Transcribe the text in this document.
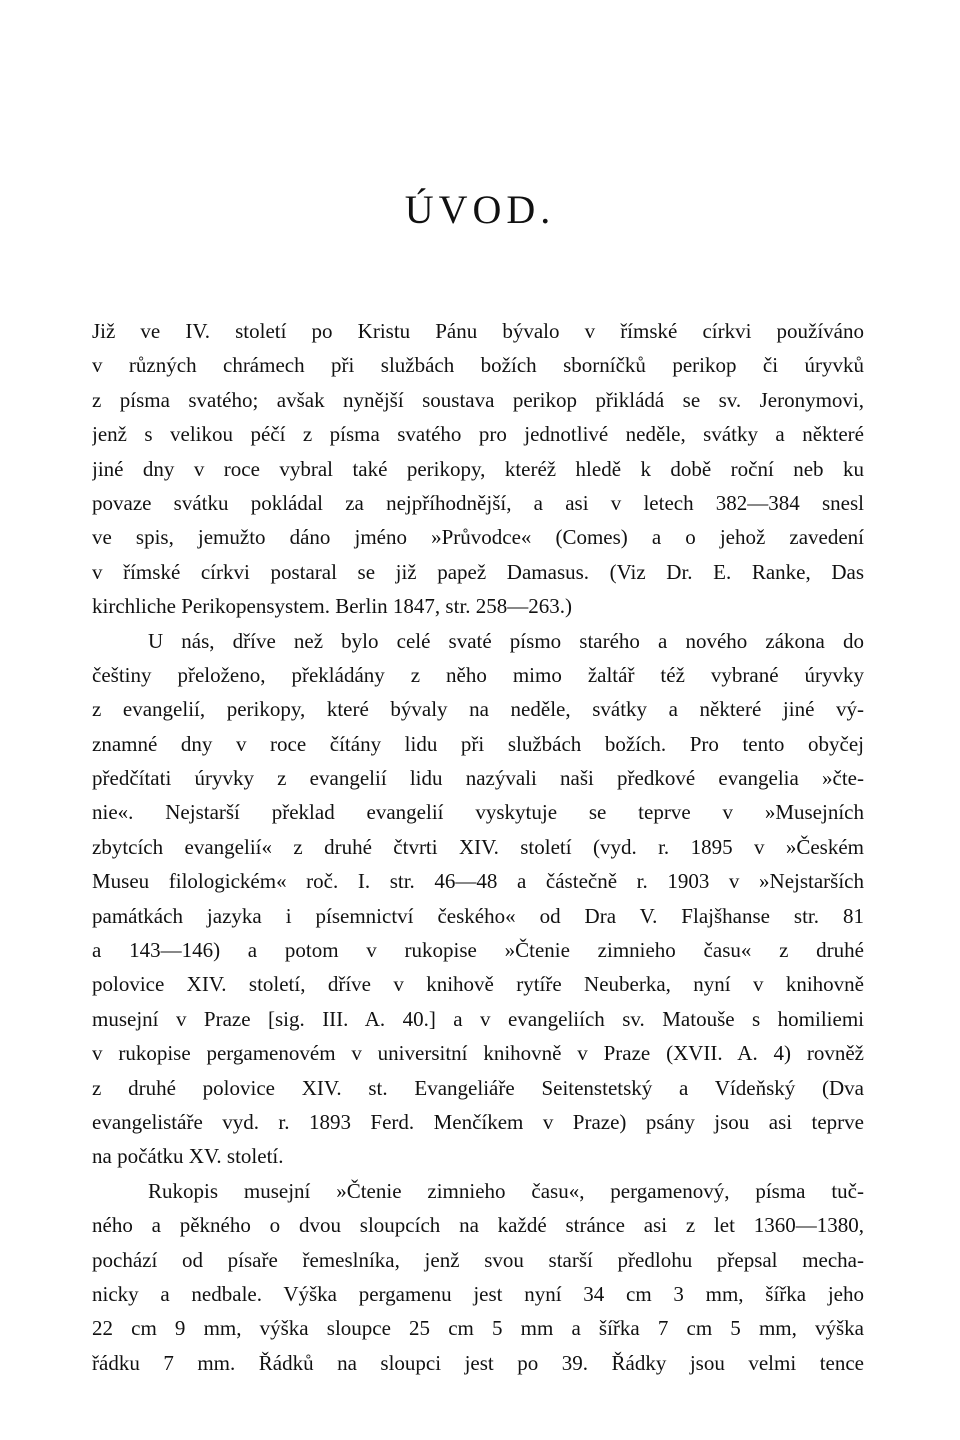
ÚVOD.
Již ve IV. století po Kristu Pánu bývalo v římské církvi používáno
v různých chrámech při službách božích sborníčků perikop či úryvků
z písma svatého; avšak nynější soustava perikop přikládá se sv. Jeronymovi,
jenž s velikou péčí z písma svatého pro jednotlivé neděle, svátky a některé
jiné dny v roce vybral také perikopy, kteréž hledě k době roční neb ku
povaze svátku pokládal za nejpříhodnější, a asi v letech 382—384 snesl
ve spis, jemužto dáno jméno »Průvodce« (Comes) a o jehož zavedení
v římské církvi postaral se již papež Damasus. (Viz Dr. E. Ranke, Das
kirchliche Perikopensystem. Berlin 1847, str. 258—263.)
U nás, dříve než bylo celé svaté písmo starého a nového zákona do
češtiny přeloženo, překládány z něho mimo žaltář též vybrané úryvky
z evangelií, perikopy, které bývaly na neděle, svátky a některé jiné vý-
znamné dny v roce čítány lidu při službách božích. Pro tento obyčej
předčítati úryvky z evangelií lidu nazývali naši předkové evangelia »čte-
nie«. Nejstarší překlad evangelií vyskytuje se teprve v »Musejních
zbytcích evangelií« z druhé čtvrti XIV. století (vyd. r. 1895 v »Českém
Museu filologickém« roč. I. str. 46—48 a částečně r. 1903 v »Nejstarších
památkách jazyka i písemnictví českého« od Dra V. Flajšhanse str. 81
a 143—146) a potom v rukopise »Čtenie zimnieho času« z druhé
polovice XIV. století, dříve v knihově rytíře Neuberka, nyní v knihovně
musejní v Praze [sig. III. A. 40.] a v evangeliích sv. Matouše s homiliemi
v rukopise pergamenovém v universitní knihovně v Praze (XVII. A. 4) rovněž
z druhé polovice XIV. st. Evangeliáře Seitenstetský a Vídeňský (Dva
evangelistáře vyd. r. 1893 Ferd. Menčíkem v Praze) psány jsou asi teprve
na počátku XV. století.
Rukopis musejní »Čtenie zimnieho času«, pergamenový, písma tuč-
ného a pěkného o dvou sloupcích na každé stránce asi z let 1360—1380,
pochází od písaře řemeslníka, jenž svou starší předlohu přepsal mecha-
nicky a nedbale. Výška pergamenu jest nyní 34 cm 3 mm, šířka jeho
22 cm 9 mm, výška sloupce 25 cm 5 mm a šířka 7 cm 5 mm, výška
řádku 7 mm. Řádků na sloupci jest po 39. Řádky jsou velmi tence
